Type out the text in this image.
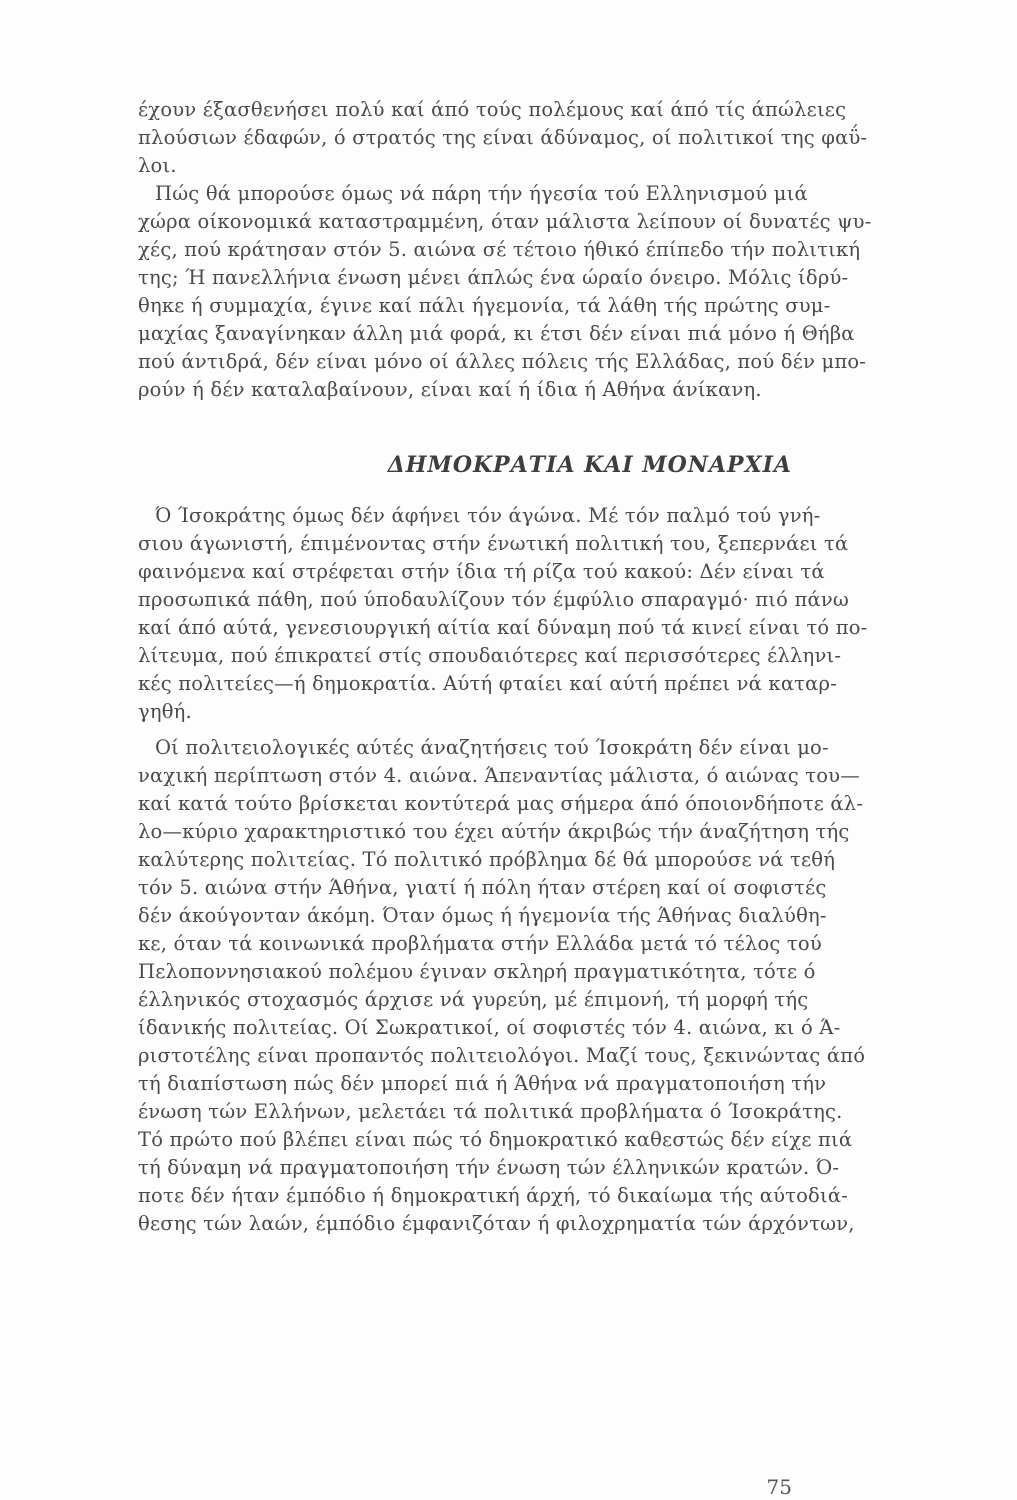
έχουν έξασθενήσει πολύ καί άπό τούς πολέμους καί άπό τίς άπώλειες
πλούσιων έδαφών, ό στρατός της είναι άδύναμος, οί πολιτικοί της φαΰ-
λοι.
Πώς θά μπορούσε όμως νά πάρη τήν ήγεσία τού Ελληνισμού μιά
χώρα οίκονομικά καταστραμμένη, όταν μάλιστα λείπουν οί δυνατές ψυ-
χές, πού κράτησαν στόν 5. αιώνα σέ τέτοιο ήθικό έπίπεδο τήν πολιτική
της; Ή πανελλήνια ένωση μένει άπλώς ένα ώραίο όνειρο. Μόλις ίδρύ-
θηκε ή συμμαχία, έγινε καί πάλι ήγεμονία, τά λάθη τής πρώτης συμ-
μαχίας ξαναγίνηκαν άλλη μιά φορά, κι έτσι δέν είναι πιά μόνο ή Θήβα
πού άντιδρά, δέν είναι μόνο οί άλλες πόλεις τής Ελλάδας, πού δέν μπο-
ρούν ή δέν καταλαβαίνουν, είναι καί ή ίδια ή Αθήνα άνίκανη.
ΔΗΜΟΚΡΑΤΙΑ ΚΑΙ ΜΟΝΑΡΧΙΑ
Ό Ίσοκράτης όμως δέν άφήνει τόν άγώνα. Μέ τόν παλμό τού γνή-
σιου άγωνιστή, έπιμένοντας στήν ένωτική πολιτική του, ξεπερνάει τά
φαινόμενα καί στρέφεται στήν ίδια τή ρίζα τού κακού: Δέν είναι τά
προσωπικά πάθη, πού ύποδαυλίζουν τόν έμφύλιο σπαραγμό· πιό πάνω
καί άπό αύτά, γενεσιουργική αίτία καί δύναμη πού τά κινεί είναι τό πο-
λίτευμα, πού έπικρατεί στίς σπουδαιότερες καί περισσότερες έλληνι-
κές πολιτείες—ή δημοκρατία. Αύτή φταίει καί αύτή πρέπει νά καταρ-
γηθή.
Οί πολιτειολογικές αύτές άναζητήσεις τού Ίσοκράτη δέν είναι μο-
ναχική περίπτωση στόν 4. αιώνα. Άπεναντίας μάλιστα, ό αιώνας του—
καί κατά τούτο βρίσκεται κοντύτερά μας σήμερα άπό όποιονδήποτε άλ-
λο—κύριο χαρακτηριστικό του έχει αύτήν άκριβώς τήν άναζήτηση τής
καλύτερης πολιτείας. Τό πολιτικό πρόβλημα δέ θά μπορούσε νά τεθή
τόν 5. αιώνα στήν Άθήνα, γιατί ή πόλη ήταν στέρεη καί οί σοφιστές
δέν άκούγονταν άκόμη. Όταν όμως ή ήγεμονία τής Άθήνας διαλύθη-
κε, όταν τά κοινωνικά προβλήματα στήν Ελλάδα μετά τό τέλος τού
Πελοποννησιακού πολέμου έγιναν σκληρή πραγματικότητα, τότε ό
έλληνικός στοχασμός άρχισε νά γυρεύη, μέ έπιμονή, τή μορφή τής
ίδανικής πολιτείας. Οί Σωκρατικοί, οί σοφιστές τόν 4. αιώνα, κι ό Ά-
ριστοτέλης είναι προπαντός πολιτειολόγοι. Μαζί τους, ξεκινώντας άπό
τή διαπίστωση πώς δέν μπορεί πιά ή Άθήνα νά πραγματοποιήση τήν
ένωση τών Ελλήνων, μελετάει τά πολιτικά προβλήματα ό Ίσοκράτης.
Τό πρώτο πού βλέπει είναι πώς τό δημοκρατικό καθεστώς δέν είχε πιά
τή δύναμη νά πραγματοποιήση τήν ένωση τών έλληνικών κρατών. Ό-
ποτε δέν ήταν έμπόδιο ή δημοκρατική άρχή, τό δικαίωμα τής αύτοδιά-
θεσης τών λαών, έμπόδιο έμφανιζόταν ή φιλοχρηματία τών άρχόντων,
75
